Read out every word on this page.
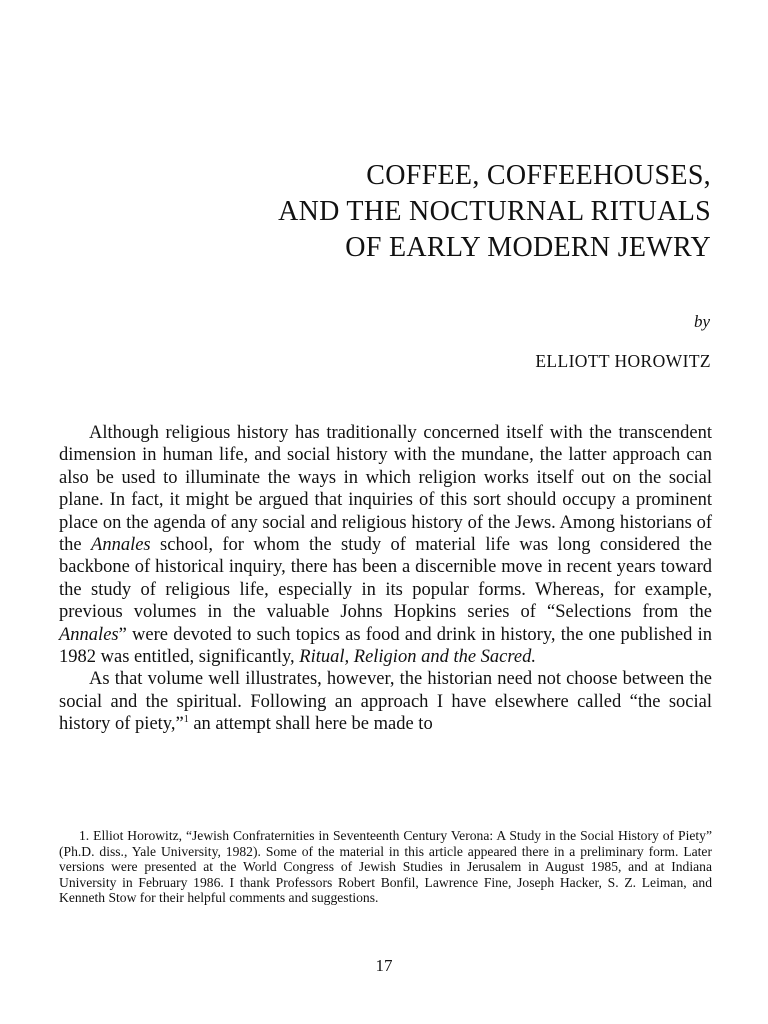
COFFEE, COFFEEHOUSES,
AND THE NOCTURNAL RITUALS
OF EARLY MODERN JEWRY
by
ELLIOTT HOROWITZ

Although religious history has traditionally concerned itself with the transcendent dimension in human life, and social history with the mundane, the latter approach can also be used to illuminate the ways in which religion works itself out on the social plane. In fact, it might be argued that inquiries of this sort should occupy a prominent place on the agenda of any social and religious history of the Jews. Among historians of the Annales school, for whom the study of material life was long considered the backbone of historical inquiry, there has been a discernible move in recent years toward the study of religious life, especially in its popular forms. Whereas, for example, previous volumes in the valuable Johns Hopkins series of “Selections from the Annales” were devoted to such topics as food and drink in history, the one published in 1982 was entitled, significantly, Ritual, Religion and the Sacred.

As that volume well illustrates, however, the historian need not choose between the social and the spiritual. Following an approach I have elsewhere called “the social history of piety,”$^1$ an attempt shall here be made to

1. Elliot Horowitz, “Jewish Confraternities in Seventeenth Century Verona: A Study in the Social History of Piety” (Ph.D. diss., Yale University, 1982). Some of the material in this article appeared there in a preliminary form. Later versions were presented at the World Congress of Jewish Studies in Jerusalem in August 1985, and at Indiana University in February 1986. I thank Professors Robert Bonfil, Lawrence Fine, Joseph Hacker, S. Z. Leiman, and Kenneth Stow for their helpful comments and suggestions.

17
